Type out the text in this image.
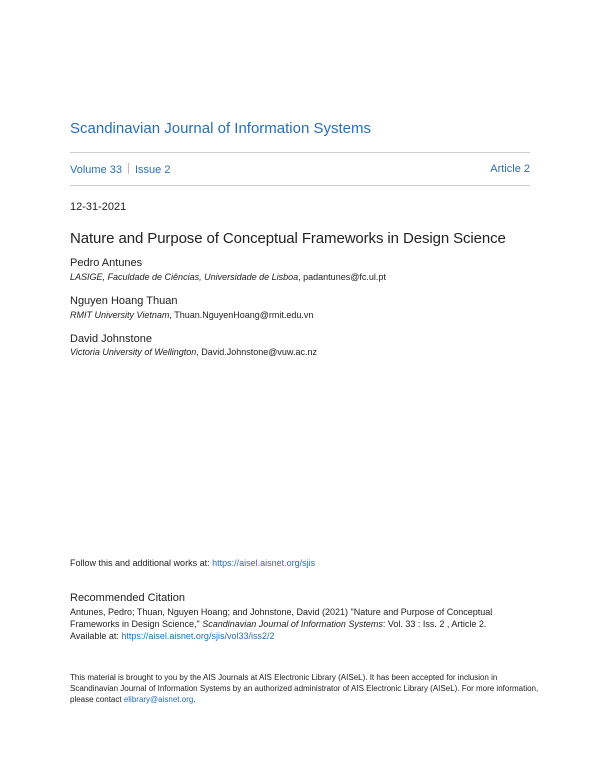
Scandinavian Journal of Information Systems
Volume 33 Issue 2	Article 2
12-31-2021
Nature and Purpose of Conceptual Frameworks in Design Science
Pedro Antunes
LASIGE, Faculdade de Ciências, Universidade de Lisboa, padantunes@fc.ul.pt
Nguyen Hoang Thuan
RMIT University Vietnam, Thuan.NguyenHoang@rmit.edu.vn
David Johnstone
Victoria University of Wellington, David.Johnstone@vuw.ac.nz
Follow this and additional works at: https://aisel.aisnet.org/sjis
Recommended Citation
Antunes, Pedro; Thuan, Nguyen Hoang; and Johnstone, David (2021) "Nature and Purpose of Conceptual Frameworks in Design Science," Scandinavian Journal of Information Systems: Vol. 33 : Iss. 2 , Article 2.
Available at: https://aisel.aisnet.org/sjis/vol33/iss2/2
This material is brought to you by the AIS Journals at AIS Electronic Library (AISeL). It has been accepted for inclusion in Scandinavian Journal of Information Systems by an authorized administrator of AIS Electronic Library (AISeL). For more information, please contact elibrary@aisnet.org.
